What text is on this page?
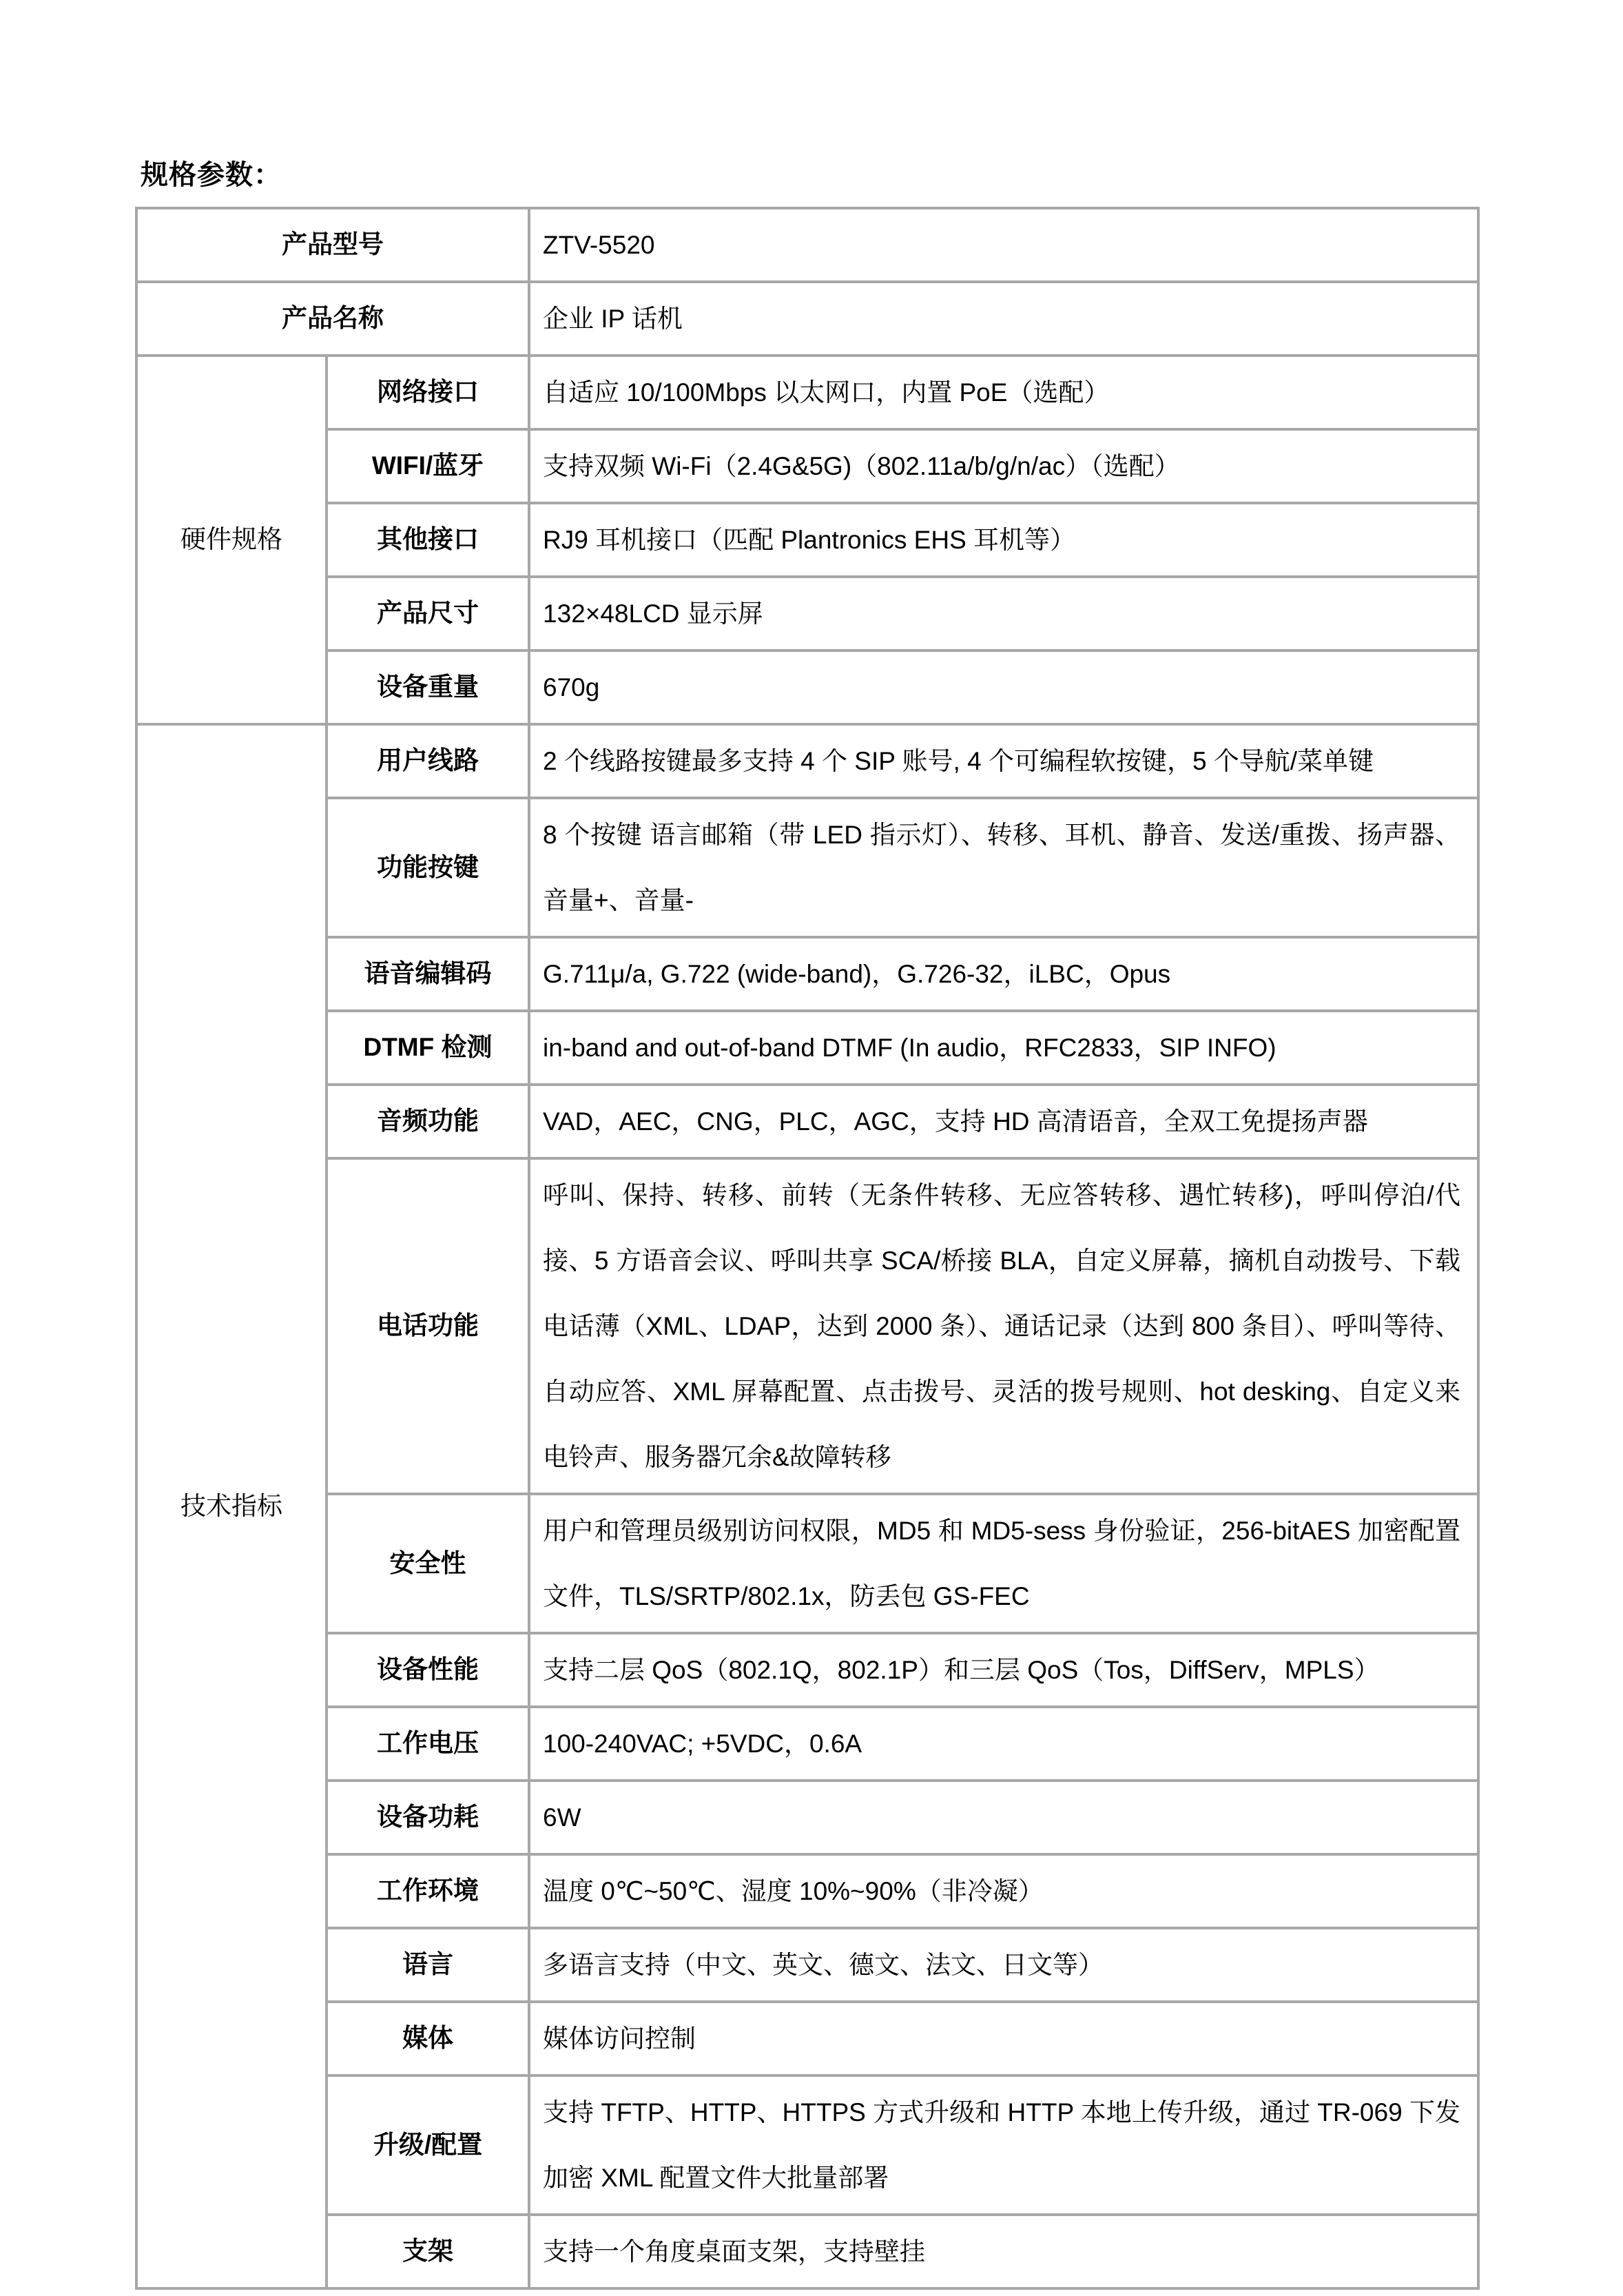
规格参数：
产品型号		ZTV-5520
产品名称		企业 IP 话机
硬件规格	网络接口	自适应 10/100Mbps 以太网口，内置 PoE（选配）
	WIFI/蓝牙	支持双频 Wi-Fi（2.4G&5G)（802.11a/b/g/n/ac）（选配）
	其他接口	RJ9 耳机接口（匹配 Plantronics EHS 耳机等）
	产品尺寸	132×48LCD 显示屏
	设备重量	670g
技术指标	用户线路	2 个线路按键最多支持 4 个 SIP 账号, 4 个可编程软按键，5 个导航/菜单键
	功能按键	8 个按键 语言邮箱（带 LED 指示灯）、转移、耳机、静音、发送/重拨、扬声器、音量+、音量-
	语音编辑码	G.711μ/a, G.722 (wide-band)，G.726-32，iLBC，Opus
	DTMF 检测	in-band and out-of-band DTMF (In audio，RFC2833，SIP INFO)
	音频功能	VAD，AEC，CNG，PLC，AGC，支持 HD 高清语音，全双工免提扬声器
	电话功能	呼叫、保持、转移、前转（无条件转移、无应答转移、遇忙转移)，呼叫停泊/代接、5 方语音会议、呼叫共享 SCA/桥接 BLA，自定义屏幕，摘机自动拨号、下载电话薄（XML、LDAP，达到 2000 条）、通话记录（达到 800 条目）、呼叫等待、自动应答、XML 屏幕配置、点击拨号、灵活的拨号规则、hot desking、自定义来电铃声、服务器冗余&故障转移
	安全性	用户和管理员级别访问权限，MD5 和 MD5-sess 身份验证，256-bitAES 加密配置文件，TLS/SRTP/802.1x，防丢包 GS-FEC
	设备性能	支持二层 QoS（802.1Q，802.1P）和三层 QoS（Tos，DiffServ，MPLS）
	工作电压	100-240VAC; +5VDC，0.6A
	设备功耗	6W
	工作环境	温度 0℃~50℃、湿度 10%~90%（非冷凝）
	语言	多语言支持（中文、英文、德文、法文、日文等）
	媒体	媒体访问控制
	升级/配置	支持 TFTP、HTTP、HTTPS 方式升级和 HTTP 本地上传升级，通过 TR-069 下发加密 XML 配置文件大批量部署
	支架	支持一个角度桌面支架，支持壁挂
